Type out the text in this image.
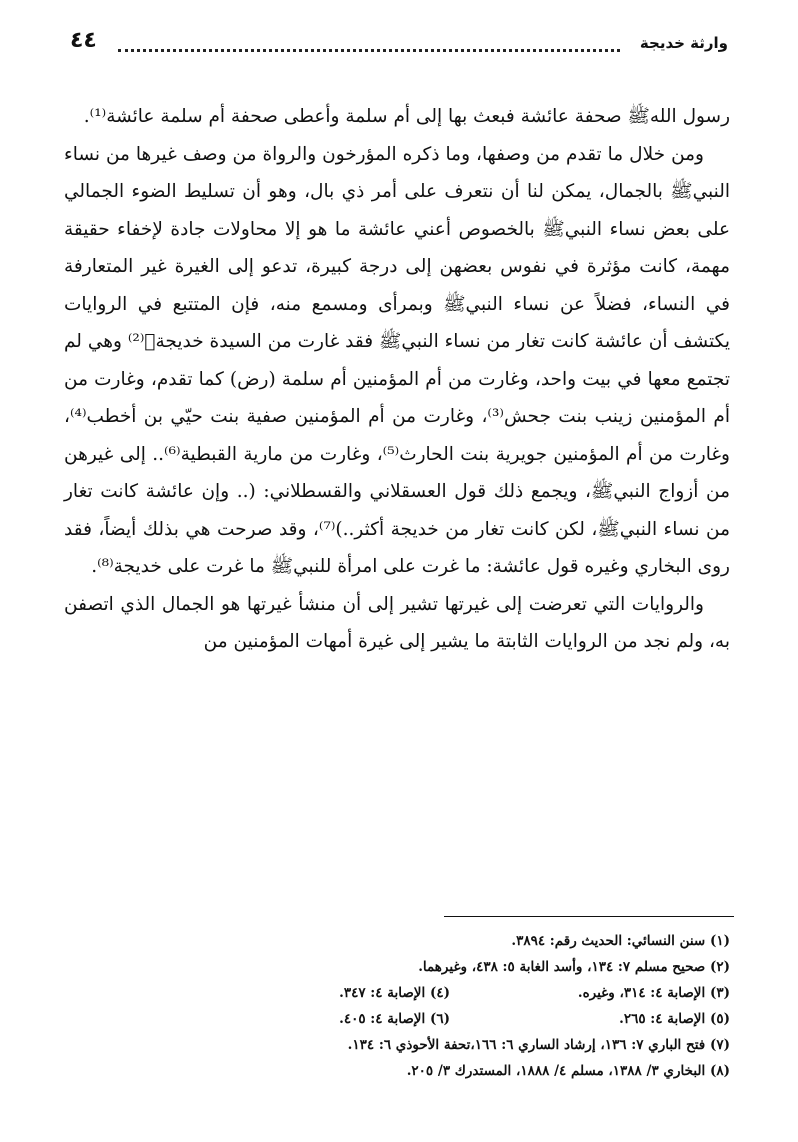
وارثة خديجة
٤٤

رسول اللهﷺ صحفة عائشة فبعث بها إلى أم سلمة وأعطى صحفة أم سلمة عائشة⁽¹⁾.

ومن خلال ما تقدم من وصفها، وما ذكره المؤرخون والرواة من وصف غيرها من نساء النبيﷺ بالجمال، يمكن لنا أن نتعرف على أمر ذي بال، وهو أن تسليط الضوء الجمالي على بعض نساء النبيﷺ بالخصوص أعني عائشة ما هو إلا محاولات جادة لإخفاء حقيقة مهمة، كانت مؤثرة في نفوس بعضهن إلى درجة كبيرة، تدعو إلى الغيرة غير المتعارفة في النساء، فضلاً عن نساء النبيﷺ وبمرأى ومسمع منه، فإن المتتبع في الروايات يكتشف أن عائشة كانت تغار من نساء النبيﷺ فقد غارت من السيدة خديجة﷨⁽²⁾ وهي لم تجتمع معها في بيت واحد، وغارت من أم المؤمنين أم سلمة (رض) كما تقدم، وغارت من أم المؤمنين زينب بنت جحش⁽³⁾، وغارت من أم المؤمنين صفية بنت حيّي بن أخطب⁽⁴⁾، وغارت من أم المؤمنين جويرية بنت الحارث⁽⁵⁾، وغارت من مارية القبطية⁽⁶⁾.. إلى غيرهن من أزواج النبيﷺ، ويجمع ذلك قول العسقلاني والقسطلاني: (.. وإن عائشة كانت تغار من نساء النبيﷺ، لكن كانت تغار من خديجة أكثر..)⁽⁷⁾، وقد صرحت هي بذلك أيضاً، فقد روى البخاري وغيره قول عائشة: ما غرت على امرأة للنبيﷺ ما غرت على خديجة⁽⁸⁾.

والروايات التي تعرضت إلى غيرتها تشير إلى أن منشأ غيرتها هو الجمال الذي اتصفن به، ولم نجد من الروايات الثابتة ما يشير إلى غيرة أمهات المؤمنين من

(١) سنن النسائي: الحديث رقم: ٣٨٩٤.
(٢) صحيح مسلم ٧: ١٣٤، وأسد الغابة ٥: ٤٣٨، وغيرهما.
(٣) الإصابة ٤: ٣١٤، وغيره.
(٤) الإصابة ٤: ٣٤٧.
(٥) الإصابة ٤: ٢٦٥.
(٦) الإصابة ٤: ٤٠٥.
(٧) فتح الباري ٧: ١٣٦، إرشاد الساري ٦: ١٦٦،تحفة الأحوذي ٦: ١٣٤.
(٨) البخاري ٣/ ١٣٨٨، مسلم ٤/ ١٨٨٨، المستدرك ٣/ ٢٠٥.
